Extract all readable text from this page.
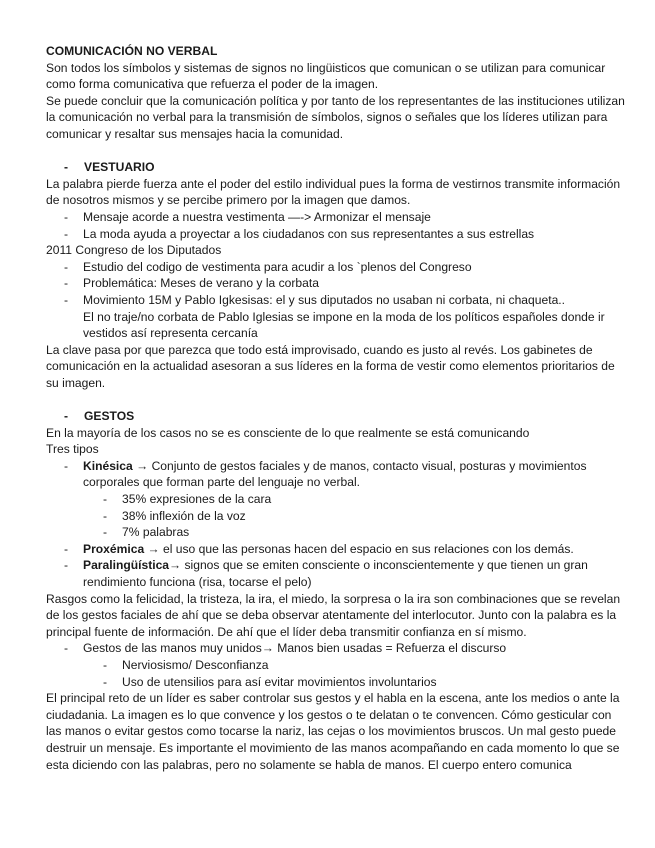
COMUNICACIÓN NO VERBAL

Son todos los símbolos y sistemas de signos no lingüisticos que comunican o se utilizan para comunicar como forma comunicativa que refuerza el poder de la imagen.

Se puede concluir que la comunicación política y por tanto de los representantes de las instituciones utilizan la comunicación no verbal para la transmisión de símbolos, signos o señales que los líderes utilizan para comunicar y resaltar sus mensajes hacia la comunidad.

- VESTUARIO

La palabra pierde fuerza ante el poder del estilo individual pues la forma de vestirnos transmite información de nosotros mismos y se percibe primero por la imagen que damos.

- Mensaje acorde a nuestra vestimenta —-> Armonizar el mensaje

- La moda ayuda a proyectar a los ciudadanos con sus representantes a sus estrellas

2011 Congreso de los Diputados

- Estudio del codigo de vestimenta para acudir a los `plenos del Congreso

- Problemática: Meses de verano y la corbata

- Movimiento 15M y Pablo Igkesisas: el y sus diputados no usaban ni corbata, ni chaqueta..

El no traje/no corbata de Pablo Iglesias se impone en la moda de los políticos españoles donde ir vestidos así representa cercanía

La clave pasa por que parezca que todo está improvisado, cuando es justo al revés. Los gabinetes de comunicación en la actualidad asesoran a sus líderes en la forma de vestir como elementos prioritarios de su imagen.

- GESTOS

En la mayoría de los casos no se es consciente de lo que realmente se está comunicando

Tres tipos

- Kinésica → Conjunto de gestos faciales y de manos, contacto visual, posturas y movimientos corporales que forman parte del lenguaje no verbal.

- 35% expresiones de la cara

- 38% inflexión de la voz

- 7% palabras

- Proxémica → el uso que las personas hacen del espacio en sus relaciones con los demás.

- Paralingüística→ signos que se emiten consciente o inconscientemente y que tienen un gran rendimiento funciona (risa, tocarse el pelo)

Rasgos como la felicidad, la tristeza, la ira, el miedo, la sorpresa o la ira son combinaciones que se revelan de los gestos faciales de ahí que se deba observar atentamente del interlocutor. Junto con la palabra es la principal fuente de información. De ahí que el líder deba transmitir confianza en sí mismo.

- Gestos de las manos muy unidos→ Manos bien usadas = Refuerza el discurso

- Nerviosismo/ Desconfianza

- Uso de utensilios para así evitar movimientos involuntarios

El principal reto de un líder es saber controlar sus gestos y el habla en la escena, ante los medios o ante la ciudadania. La imagen es lo que convence y los gestos o te delatan o te convencen. Cómo gesticular con las manos o evitar gestos como tocarse la nariz, las cejas o los movimientos bruscos. Un mal gesto puede destruir un mensaje. Es importante el movimiento de las manos acompañando en cada momento lo que se esta diciendo con las palabras, pero no solamente se habla de manos. El cuerpo entero comunica
